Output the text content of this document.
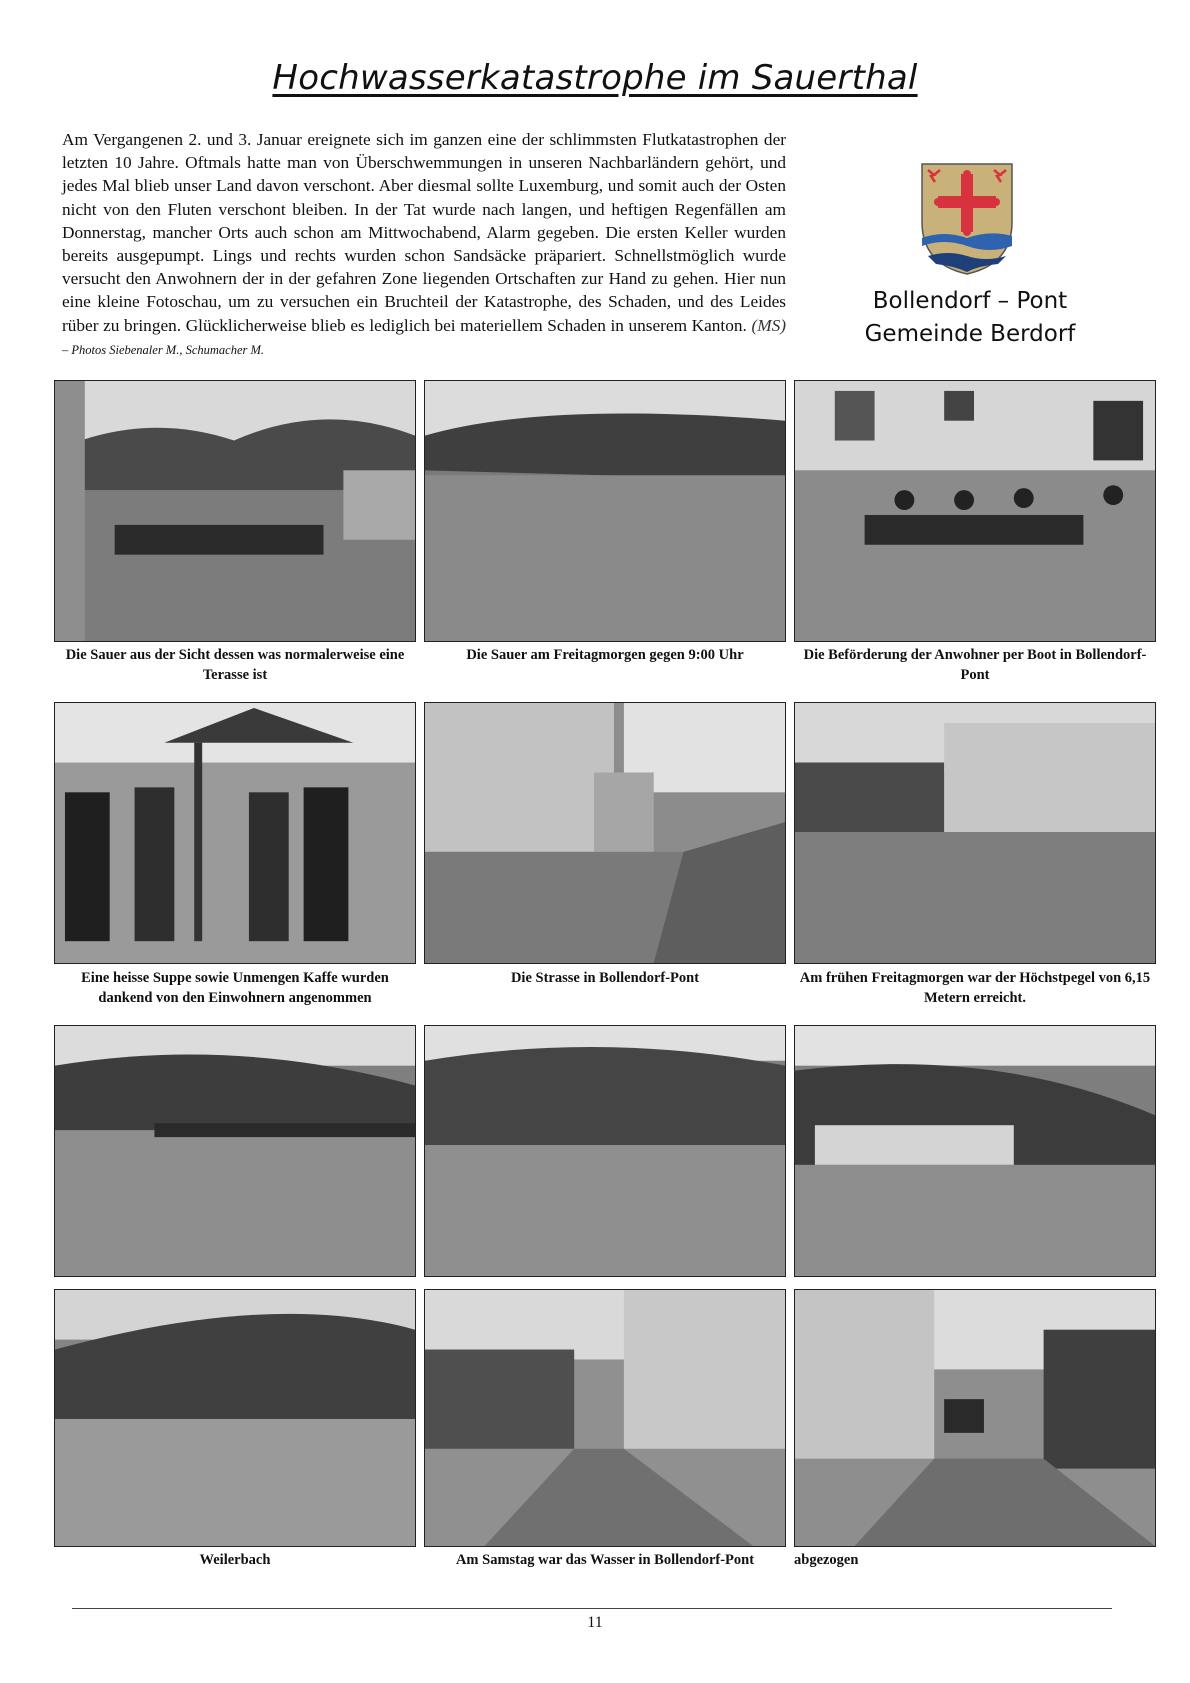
Hochwasserkatastrophe im Sauerthal
Am Vergangenen 2. und 3. Januar ereignete sich im ganzen eine der schlimmsten Flutkatastrophen der letzten 10 Jahre. Oftmals hatte man von Überschwemmungen in unseren Nachbarländern gehört, und jedes Mal blieb unser Land davon verschont. Aber diesmal sollte Luxemburg, und somit auch der Osten nicht von den Fluten verschont bleiben. In der Tat wurde nach langen, und heftigen Regenfällen am Donnerstag, mancher Orts auch schon am Mittwochabend, Alarm gegeben. Die ersten Keller wurden bereits ausgepumpt. Lings und rechts wurden schon Sandsäcke präpariert. Schnellstmöglich wurde versucht den Anwohnern der in der gefahren Zone liegenden Ortschaften zur Hand zu gehen. Hier nun eine kleine Fotoschau, um zu versuchen ein Bruchteil der Katastrophe, des Schaden, und des Leides rüber zu bringen. Glücklicherweise blieb es lediglich bei materiellem Schaden in unserem Kanton. (MS) – Photos Siebenaler M., Schumacher M.
Bollendorf – Pont
Gemeinde Berdorf
Die Sauer aus der Sicht dessen was normalerweise eine Terasse ist
Die Sauer am Freitagmorgen gegen 9:00 Uhr	Die Beförderung der Anwohner per Boot in Bollendorf-Pont
Eine heisse Suppe sowie Unmengen Kaffe wurden dankend von den Einwohnern angenommen
Die Strasse in Bollendorf-Pont	Am frühen Freitagmorgen war der Höchstpegel von 6,15 Metern erreicht.
Weilerbach	Am Samstag war das Wasser in Bollendorf-Pont	abgezogen
11
